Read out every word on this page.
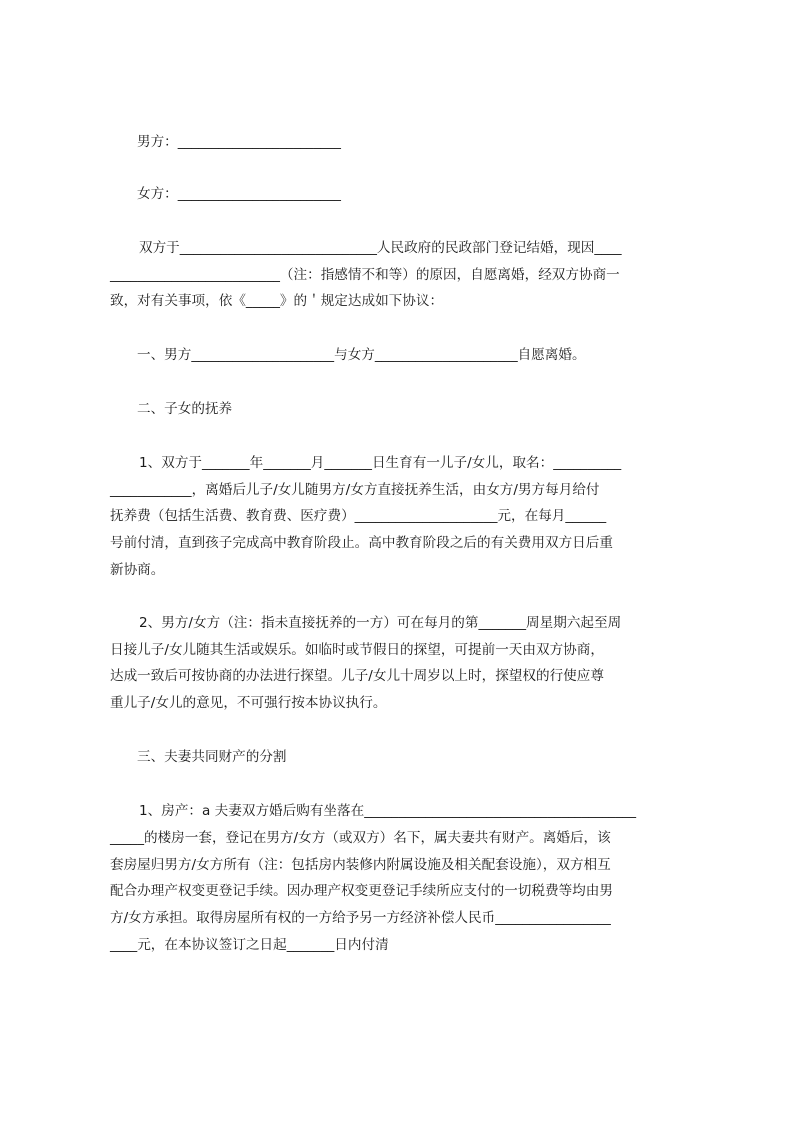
男方：________________________
女方：________________________
双方于_____________________________人民政府的民政部门登记结婚，现因____
_________________________（注：指感情不和等）的原因，自愿离婚，经双方协商一
致，对有关事项，依《_____》的＇规定达成如下协议：
一、男方_____________________与女方_____________________自愿离婚。
二、子女的抚养
1、双方于_______年_______月_______日生育有一儿子/女儿，取名：__________
____________，离婚后儿子/女儿随男方/女方直接抚养生活，由女方/男方每月给付
抚养费（包括生活费、教育费、医疗费）_____________________元，在每月______
号前付清，直到孩子完成高中教育阶段止。高中教育阶段之后的有关费用双方日后重
新协商。
2、男方/女方（注：指未直接抚养的一方）可在每月的第_______周星期六起至周
日接儿子/女儿随其生活或娱乐。如临时或节假日的探望，可提前一天由双方协商，
达成一致后可按协商的办法进行探望。儿子/女儿十周岁以上时，探望权的行使应尊
重儿子/女儿的意见，不可强行按本协议执行。
三、夫妻共同财产的分割
1、房产：a 夫妻双方婚后购有坐落在________________________________________
_____的楼房一套，登记在男方/女方（或双方）名下，属夫妻共有财产。离婚后，该
套房屋归男方/女方所有（注：包括房内装修内附属设施及相关配套设施），双方相互
配合办理产权变更登记手续。因办理产权变更登记手续所应支付的一切税费等均由男
方/女方承担。取得房屋所有权的一方给予另一方经济补偿人民币_________________
____元，在本协议签订之日起_______日内付清
